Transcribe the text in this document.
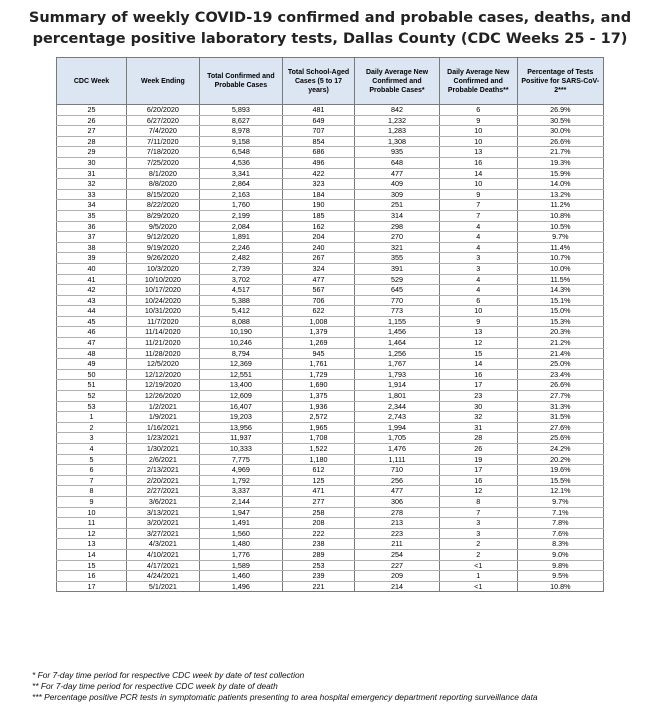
Summary of weekly COVID-19 confirmed and probable cases, deaths, and
percentage positive laboratory tests, Dallas County (CDC Weeks 25 - 17)
CDC Week	Week Ending	Total Confirmed and Probable Cases	Total School-Aged Cases (5 to 17 years)	Daily Average New Confirmed and Probable Cases*	Daily Average New Confirmed and Probable Deaths**	Percentage of Tests Positive for SARS-CoV-2***
25	6/20/2020	5,893	481	842	6	26.9%
26	6/27/2020	8,627	649	1,232	9	30.5%
27	7/4/2020	8,978	707	1,283	10	30.0%
28	7/11/2020	9,158	854	1,308	10	26.6%
29	7/18/2020	6,548	686	935	13	21.7%
30	7/25/2020	4,536	496	648	16	19.3%
31	8/1/2020	3,341	422	477	14	15.9%
32	8/8/2020	2,864	323	409	10	14.0%
33	8/15/2020	2,163	184	309	9	13.2%
34	8/22/2020	1,760	190	251	7	11.2%
35	8/29/2020	2,199	185	314	7	10.8%
36	9/5/2020	2,084	162	298	4	10.5%
37	9/12/2020	1,891	204	270	4	9.7%
38	9/19/2020	2,246	240	321	4	11.4%
39	9/26/2020	2,482	267	355	3	10.7%
40	10/3/2020	2,739	324	391	3	10.0%
41	10/10/2020	3,702	477	529	4	11.5%
42	10/17/2020	4,517	567	645	4	14.3%
43	10/24/2020	5,388	706	770	6	15.1%
44	10/31/2020	5,412	622	773	10	15.0%
45	11/7/2020	8,088	1,008	1,155	9	15.3%
46	11/14/2020	10,190	1,379	1,456	13	20.3%
47	11/21/2020	10,246	1,269	1,464	12	21.2%
48	11/28/2020	8,794	945	1,256	15	21.4%
49	12/5/2020	12,369	1,761	1,767	14	25.0%
50	12/12/2020	12,551	1,729	1,793	16	23.4%
51	12/19/2020	13,400	1,690	1,914	17	26.6%
52	12/26/2020	12,609	1,375	1,801	23	27.7%
53	1/2/2021	16,407	1,936	2,344	30	31.3%
1	1/9/2021	19,203	2,572	2,743	32	31.5%
2	1/16/2021	13,956	1,965	1,994	31	27.6%
3	1/23/2021	11,937	1,708	1,705	28	25.6%
4	1/30/2021	10,333	1,522	1,476	26	24.2%
5	2/6/2021	7,775	1,180	1,111	19	20.2%
6	2/13/2021	4,969	612	710	17	19.6%
7	2/20/2021	1,792	125	256	16	15.5%
8	2/27/2021	3,337	471	477	12	12.1%
9	3/6/2021	2,144	277	306	8	9.7%
10	3/13/2021	1,947	258	278	7	7.1%
11	3/20/2021	1,491	208	213	3	7.8%
12	3/27/2021	1,560	222	223	3	7.6%
13	4/3/2021	1,480	238	211	2	8.3%
14	4/10/2021	1,776	289	254	2	9.0%
15	4/17/2021	1,589	253	227	<1	9.8%
16	4/24/2021	1,460	239	209	1	9.5%
17	5/1/2021	1,496	221	214	<1	10.8%
* For 7-day time period for respective CDC week by date of test collection
** For 7-day time period for respective CDC week by date of death
*** Percentage positive PCR tests in symptomatic patients presenting to area hospital emergency department reporting surveillance data
